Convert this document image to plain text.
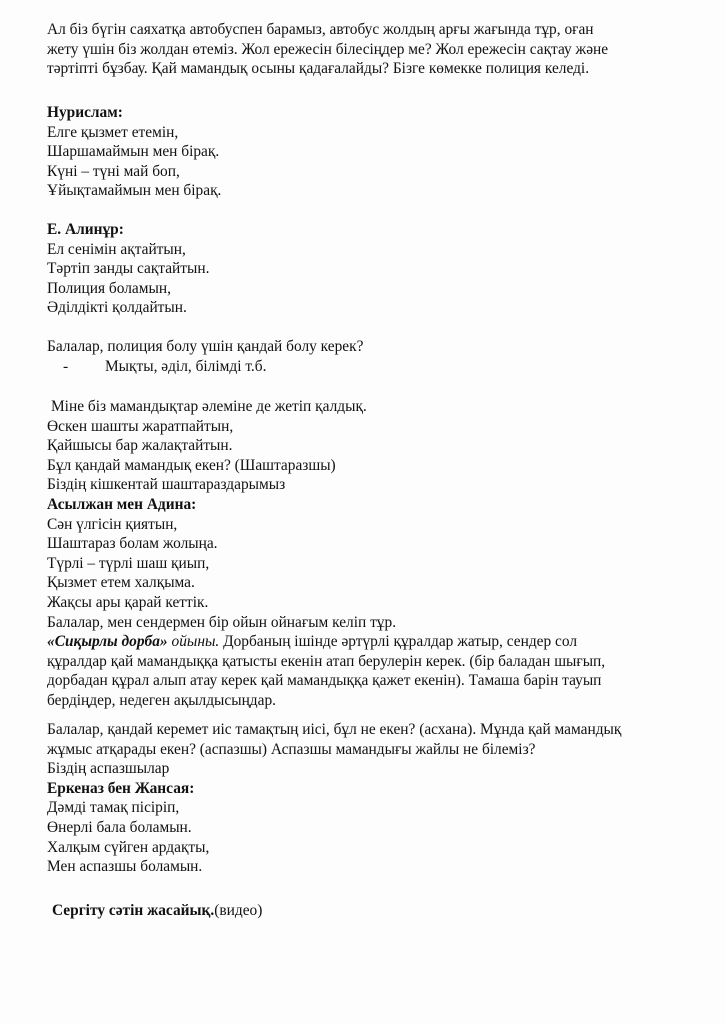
Ал біз бүгін саяхатқа автобуспен барамыз, автобус жолдың арғы жағында тұр, оған
жету үшін біз жолдан өтеміз. Жол ережесін білесіңдер ме? Жол ережесін сақтау және
тәртіпті бұзбау. Қай мамандық осыны қадағалайды? Бізге көмекке полиция келеді.
Нурислам:
Елге қызмет етемін,
Шаршамаймын мен бірақ.
Күні – түні май боп,
Ұйықтамаймын мен бірақ.
Е. Алинұр:
Ел сенімін ақтайтын,
Тәртіп занды сақтайтын.
Полиция боламын,
Әділдікті қолдайтын.
Балалар, полиция болу үшін қандай болу керек?
- Мықты, әділ, білімді т.б.
Міне біз мамандықтар әлеміне де жетіп қалдық.
Өскен шашты жаратпайтын,
Қайшысы бар жалақтайтын.
Бұл қандай мамандық екен? (Шаштаразшы)
Біздің кішкентай шаштараздарымыз
Асылжан мен Адина:
Сән үлгісін қиятын,
Шаштараз болам жолыңа.
Түрлі – түрлі шаш қиып,
Қызмет етем халқыма.
Жақсы ары қарай кеттік.
Балалар, мен сендермен бір ойын ойнағым келіп тұр.
«Сиқырлы дорба» ойыны. Дорбаның ішінде әртүрлі құралдар жатыр, сендер сол
құралдар қай мамандыққа қатысты екенін атап берулерін керек. (бір баладан шығып,
дорбадан құрал алып атау керек қай мамандыққа қажет екенін). Тамаша барін тауып
бердіңдер, недеген ақылдысыңдар.
Балалар, қандай керемет иіс тамақтың иісі, бұл не екен? (асхана). Мұнда қай мамандық
жұмыс атқарады екен? (аспазшы) Аспазшы мамандығы жайлы не білеміз?
Біздің аспазшылар
Еркеназ бен Жансая:
Дәмді тамақ пісіріп,
Өнерлі бала боламын.
Халқым сүйген ардақты,
Мен аспазшы боламын.
Сергіту сәтін жасайық.(видео)
